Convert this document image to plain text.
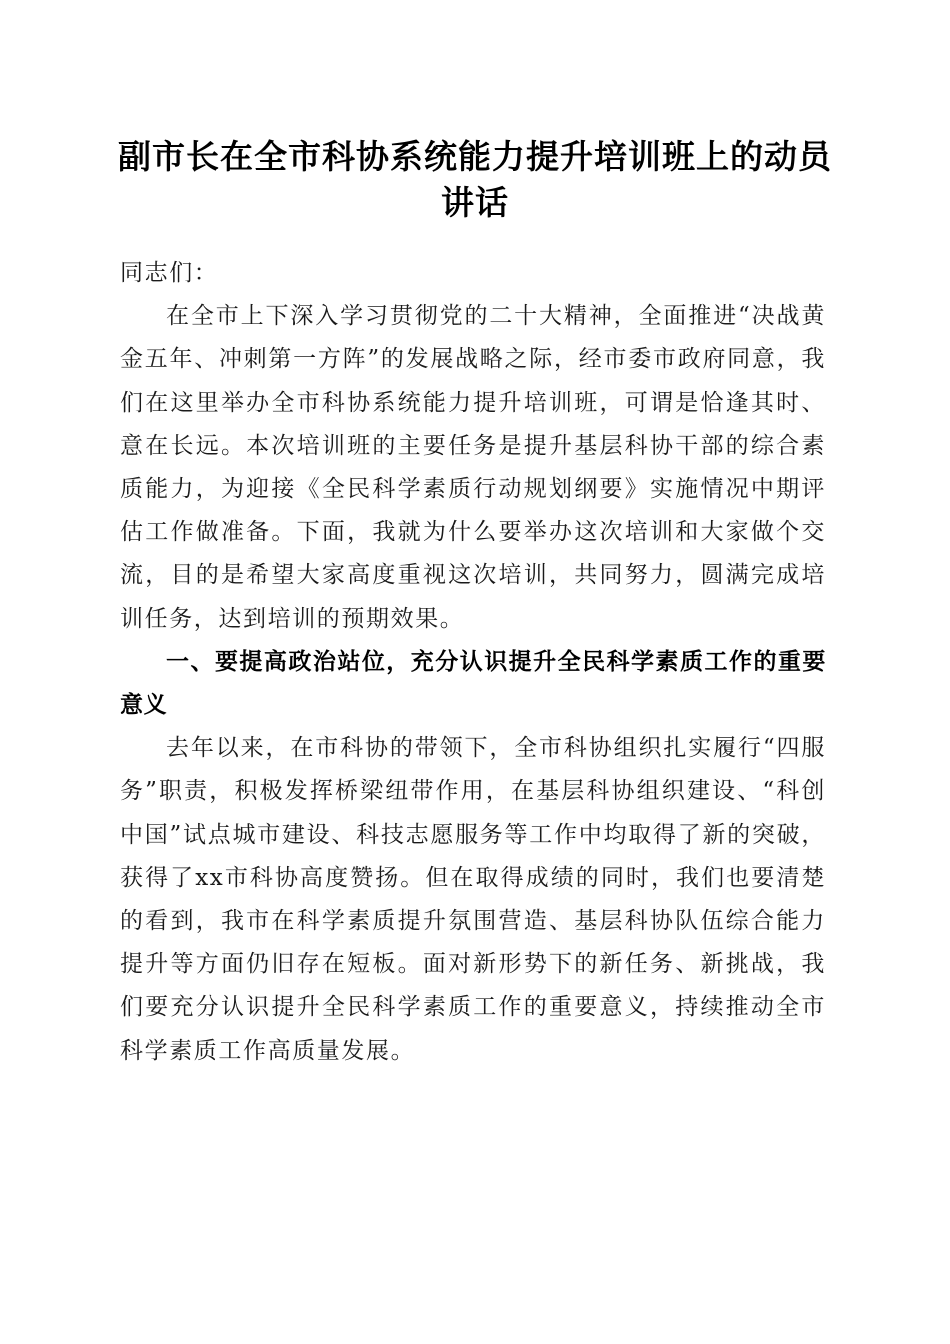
副市长在全市科协系统能力提升培训班上的动员讲话

同志们：

在全市上下深入学习贯彻党的二十大精神，全面推进“决战黄金五年、冲刺第一方阵”的发展战略之际，经市委市政府同意，我们在这里举办全市科协系统能力提升培训班，可谓是恰逢其时、意在长远。本次培训班的主要任务是提升基层科协干部的综合素质能力，为迎接《全民科学素质行动规划纲要》实施情况中期评估工作做准备。下面，我就为什么要举办这次培训和大家做个交流，目的是希望大家高度重视这次培训，共同努力，圆满完成培训任务，达到培训的预期效果。

一、要提高政治站位，充分认识提升全民科学素质工作的重要意义

去年以来，在市科协的带领下，全市科协组织扎实履行“四服务”职责，积极发挥桥梁纽带作用，在基层科协组织建设、“科创中国”试点城市建设、科技志愿服务等工作中均取得了新的突破，获得了xx市科协高度赞扬。但在取得成绩的同时，我们也要清楚的看到，我市在科学素质提升氛围营造、基层科协队伍综合能力提升等方面仍旧存在短板。面对新形势下的新任务、新挑战，我们要充分认识提升全民科学素质工作的重要意义，持续推动全市科学素质工作高质量发展。
